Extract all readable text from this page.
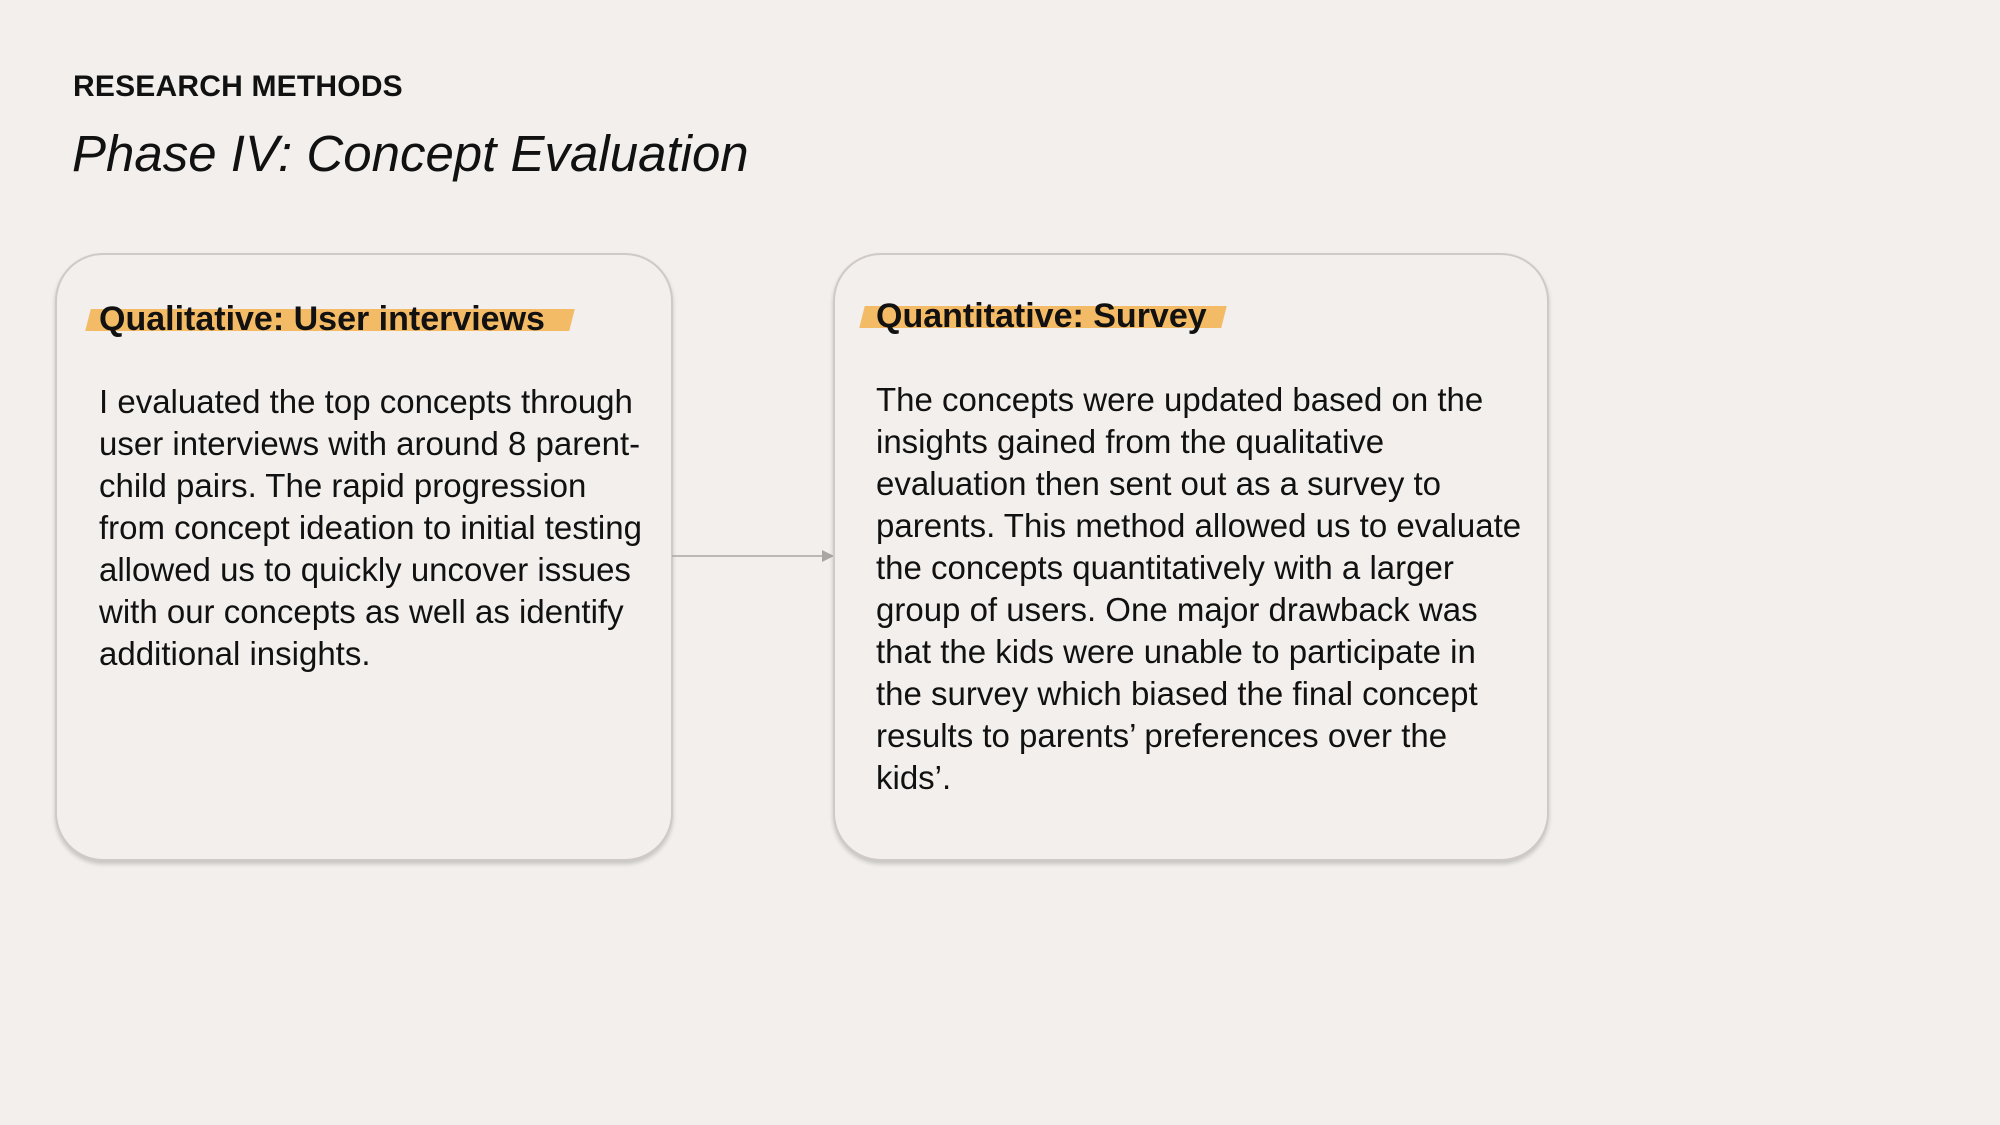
RESEARCH METHODS
Phase IV: Concept Evaluation
Qualitative: User interviews
I evaluated the top concepts through user interviews with around 8 parent-child pairs. The rapid progression from concept ideation to initial testing allowed us to quickly uncover issues with our concepts as well as identify additional insights.
Quantitative: Survey
The concepts were updated based on the insights gained from the qualitative evaluation then sent out as a survey to parents. This method allowed us to evaluate the concepts quantitatively with a larger group of users. One major drawback was that the kids were unable to participate in the survey which biased the final concept results to parents’ preferences over the kids’.
